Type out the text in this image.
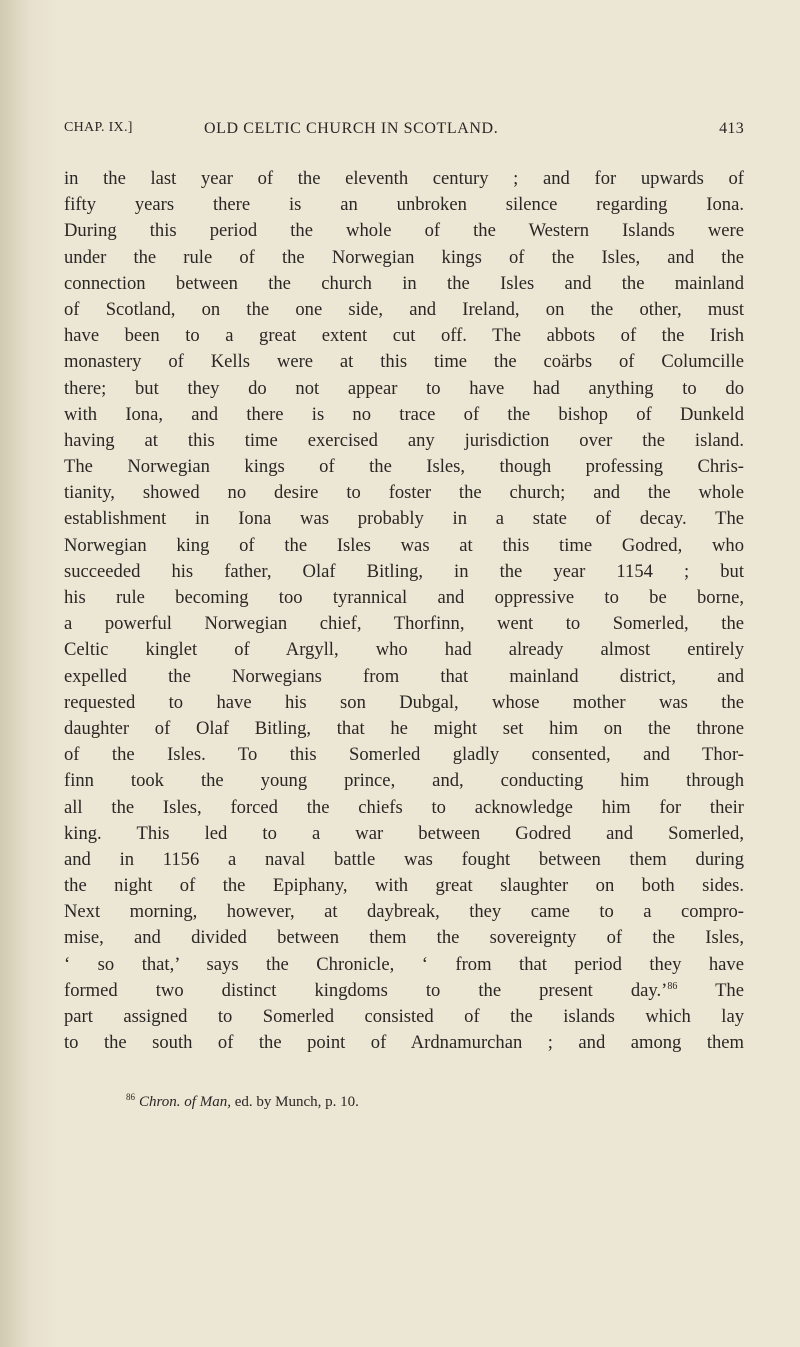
CHAP. IX.]	OLD CELTIC CHURCH IN SCOTLAND.	413
in the last year of the eleventh century ; and for upwards of
fifty years there is an unbroken silence regarding Iona.
During this period the whole of the Western Islands were
under the rule of the Norwegian kings of the Isles, and the
connection between the church in the Isles and the mainland
of Scotland, on the one side, and Ireland, on the other, must
have been to a great extent cut off. The abbots of the Irish
monastery of Kells were at this time the coärbs of Columcille
there; but they do not appear to have had anything to do
with Iona, and there is no trace of the bishop of Dunkeld
having at this time exercised any jurisdiction over the island.
The Norwegian kings of the Isles, though professing Chris-
tianity, showed no desire to foster the church; and the whole
establishment in Iona was probably in a state of decay. The
Norwegian king of the Isles was at this time Godred, who
succeeded his father, Olaf Bitling, in the year 1154 ; but
his rule becoming too tyrannical and oppressive to be borne,
a powerful Norwegian chief, Thorfinn, went to Somerled, the
Celtic kinglet of Argyll, who had already almost entirely
expelled the Norwegians from that mainland district, and
requested to have his son Dubgal, whose mother was the
daughter of Olaf Bitling, that he might set him on the throne
of the Isles. To this Somerled gladly consented, and Thor-
finn took the young prince, and, conducting him through
all the Isles, forced the chiefs to acknowledge him for their
king. This led to a war between Godred and Somerled,
and in 1156 a naval battle was fought between them during
the night of the Epiphany, with great slaughter on both sides.
Next morning, however, at daybreak, they came to a compro-
mise, and divided between them the sovereignty of the Isles,
‘ so that,’ says the Chronicle, ‘ from that period they have
formed two distinct kingdoms to the present day.’$^{86}$ The
part assigned to Somerled consisted of the islands which lay
to the south of the point of Ardnamurchan ; and among them
$^{86}$ Chron. of Man, ed. by Munch, p. 10.
